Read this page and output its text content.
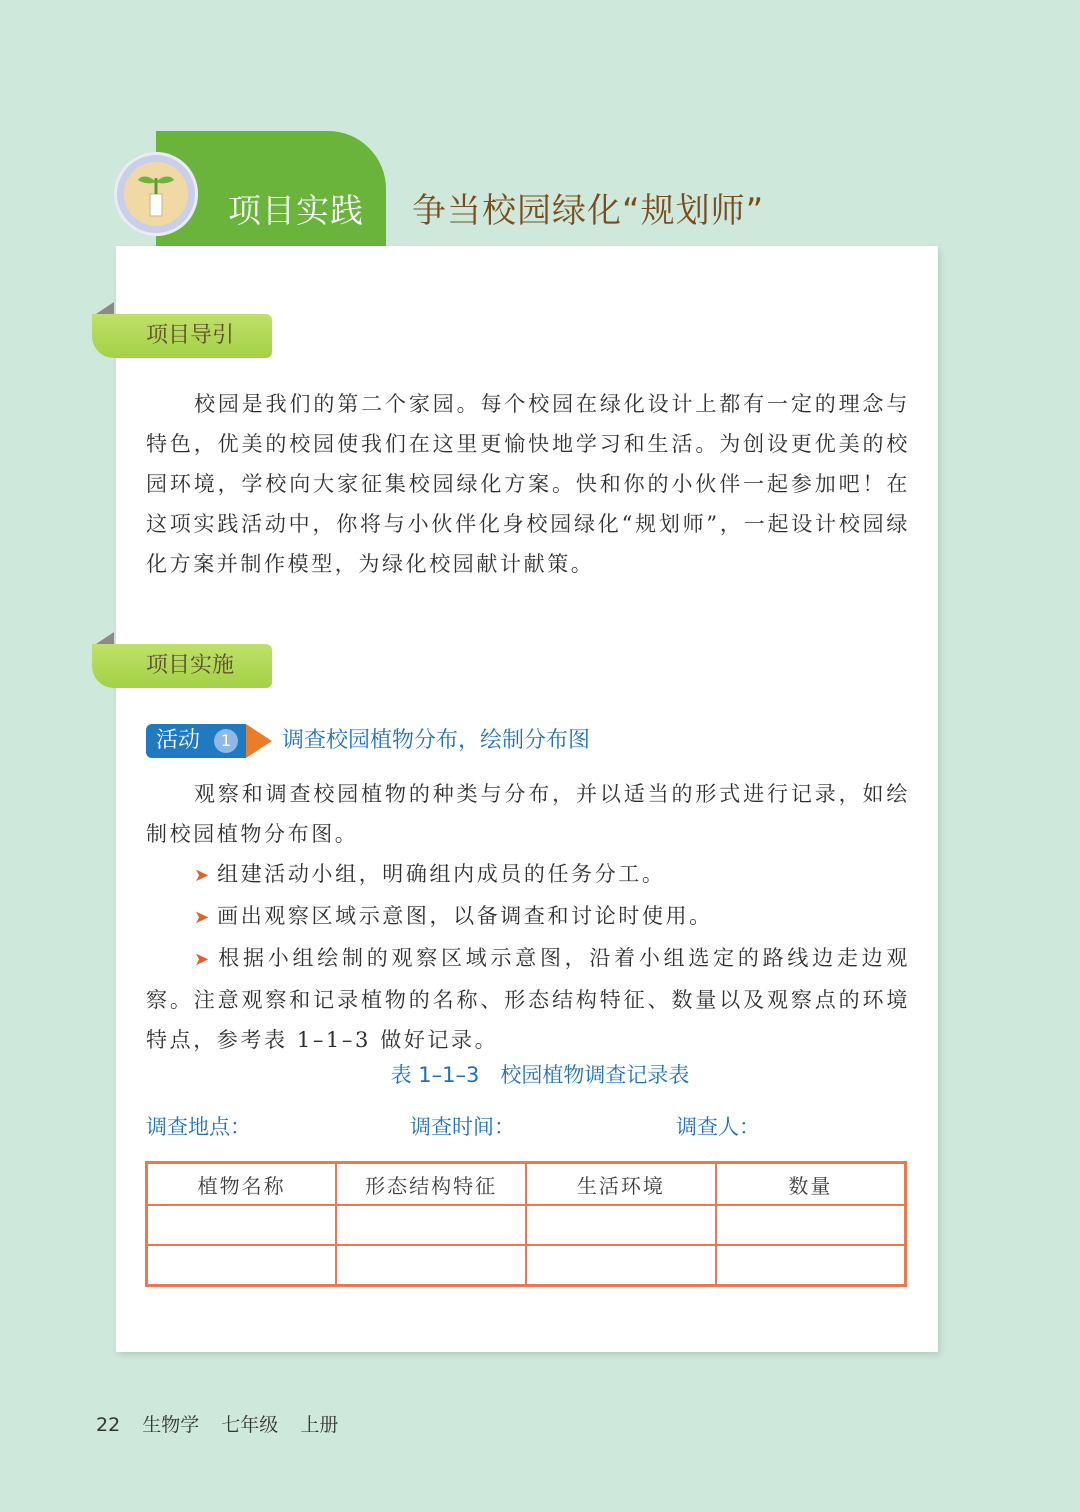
项目实践 争当校园绿化“规划师”
项目导引

校园是我们的第二个家园。每个校园在绿化设计上都有一定的理念与特色，优美的校园使我们在这里更愉快地学习和生活。为创设更优美的校园环境，学校向大家征集校园绿化方案。快和你的小伙伴一起参加吧！在这项实践活动中，你将与小伙伴化身校园绿化“规划师”，一起设计校园绿化方案并制作模型，为绿化校园献计献策。

项目实施
活动	1	调查校园植物分布，绘制分布图

观察和调查校园植物的种类与分布，并以适当的形式进行记录，如绘制校园植物分布图。

➤ 组建活动小组，明确组内成员的任务分工。

➤ 画出观察区域示意图，以备调查和讨论时使用。

➤ 根据小组绘制的观察区域示意图，沿着小组选定的路线边走边观察。注意观察和记录植物的名称、形态结构特征、数量以及观察点的环境特点，参考表 1–1–3 做好记录。

表 1–1–3　校园植物调查记录表
调查地点：	调查时间：	调查人：
植物名称	形态结构特征	生活环境	数量

22 生物学 七年级 上册
